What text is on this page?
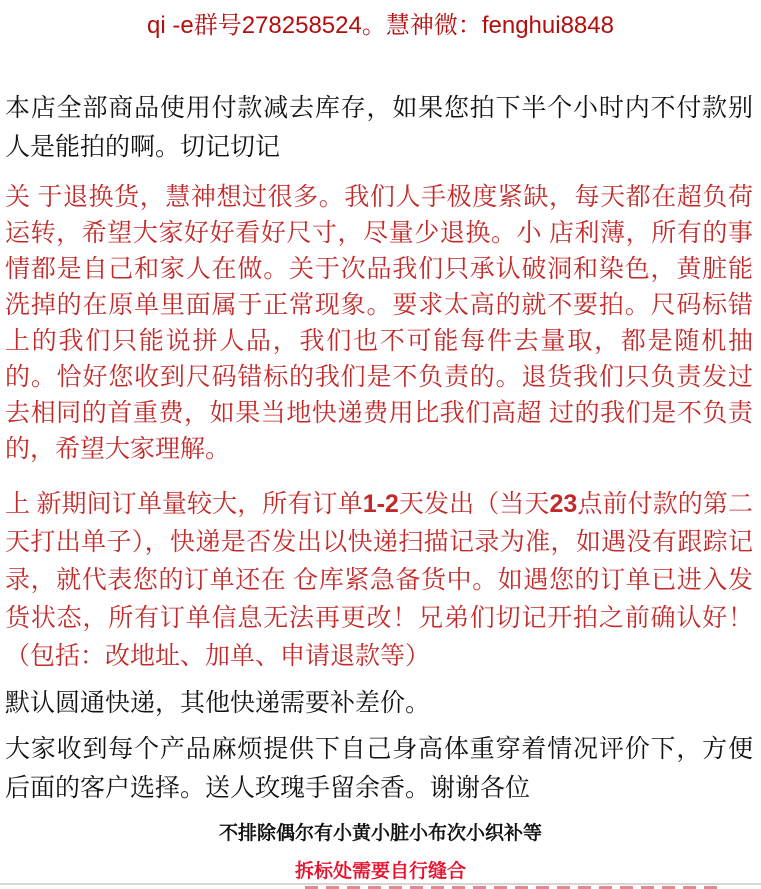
qi -e群号278258524。慧神微：fenghui8848

本店全部商品使用付款减去库存，如果您拍下半个小时内不付款别人是能拍的啊。切记切记

关 于退换货，慧神想过很多。我们人手极度紧缺，每天都在超负荷运转，希望大家好好看好尺寸，尽量少退换。小 店利薄，所有的事情都是自己和家人在做。关于次品我们只承认破洞和染色，黄脏能洗掉的在原单里面属于正常现象。要求太高的就不要拍。尺码标错上的我们只能说拼人品，我们也不可能每件去量取，都是随机抽的。恰好您收到尺码错标的我们是不负责的。退货我们只负责发过去相同的首重费，如果当地快递费用比我们高超 过的我们是不负责的，希望大家理解。

上 新期间订单量较大，所有订单1-2天发出（当天23点前付款的第二天打出单子），快递是否发出以快递扫描记录为准，如遇没有跟踪记录，就代表您的订单还在 仓库紧急备货中。如遇您的订单已进入发货状态，所有订单信息无法再更改！兄弟们切记开拍之前确认好！（包括：改地址、加单、申请退款等）

默认圆通快递，其他快递需要补差价。

大家收到每个产品麻烦提供下自己身高体重穿着情况评价下，方便后面的客户选择。送人玫瑰手留余香。谢谢各位

不排除偶尔有小黄小脏小布次小织补等
拆标处需要自行缝合
